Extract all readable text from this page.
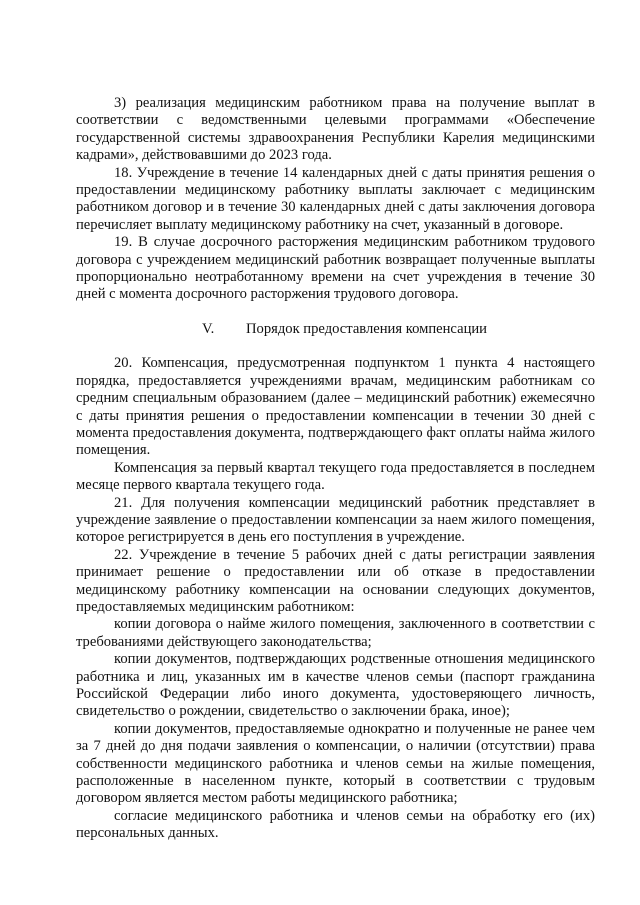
3) реализация медицинским работником права на получение выплат в соответствии с ведомственными целевыми программами «Обеспечение государственной системы здравоохранения Республики Карелия медицинскими кадрами», действовавшими до 2023 года.

18. Учреждение в течение 14 календарных дней с даты принятия решения о предоставлении медицинскому работнику выплаты заключает с медицинским работником договор и в течение 30 календарных дней с даты заключения договора перечисляет выплату медицинскому работнику на счет, указанный в договоре.

19. В случае досрочного расторжения медицинским работником трудового договора с учреждением медицинский работник возвращает полученные выплаты пропорционально неотработанному времени на счет учреждения в течение 30 дней с момента досрочного расторжения трудового договора.

V. Порядок предоставления компенсации

20. Компенсация, предусмотренная подпунктом 1 пункта 4 настоящего порядка, предоставляется учреждениями врачам, медицинским работникам со средним специальным образованием (далее – медицинский работник) ежемесячно с даты принятия решения о предоставлении компенсации в течении 30 дней с момента предоставления документа, подтверждающего факт оплаты найма жилого помещения.

Компенсация за первый квартал текущего года предоставляется в последнем месяце первого квартала текущего года.

21. Для получения компенсации медицинский работник представляет в учреждение заявление о предоставлении компенсации за наем жилого помещения, которое регистрируется в день его поступления в учреждение.

22. Учреждение в течение 5 рабочих дней с даты регистрации заявления принимает решение о предоставлении или об отказе в предоставлении медицинскому работнику компенсации на основании следующих документов, предоставляемых медицинским работником:

копии договора о найме жилого помещения, заключенного в соответствии с требованиями действующего законодательства;

копии документов, подтверждающих родственные отношения медицинского работника и лиц, указанных им в качестве членов семьи (паспорт гражданина Российской Федерации либо иного документа, удостоверяющего личность, свидетельство о рождении, свидетельство о заключении брака, иное);

копии документов, предоставляемые однократно и полученные не ранее чем за 7 дней до дня подачи заявления о компенсации, о наличии (отсутствии) права собственности медицинского работника и членов семьи на жилые помещения, расположенные в населенном пункте, который в соответствии с трудовым договором является местом работы медицинского работника;

согласие медицинского работника и членов семьи на обработку его (их) персональных данных.
